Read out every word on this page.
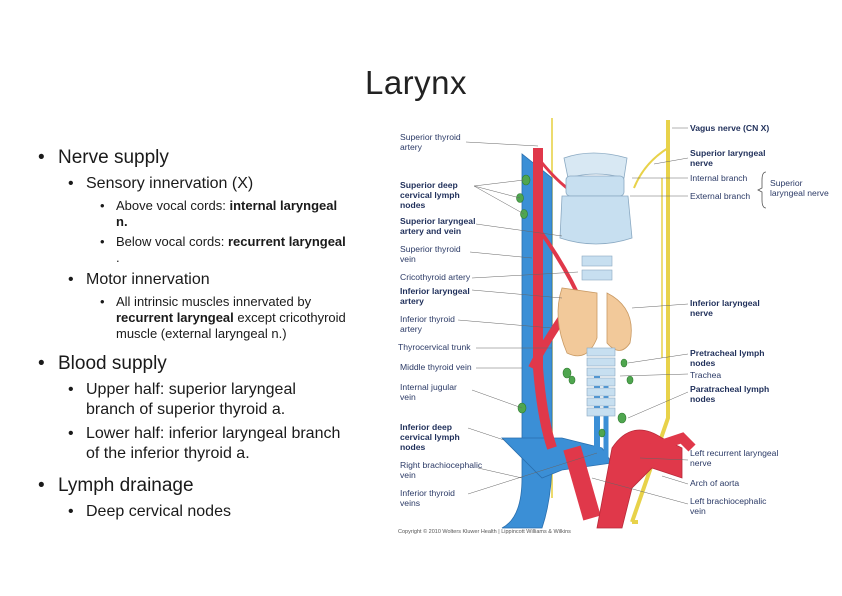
Larynx
• Nerve supply
• Sensory innervation (X)
• Above vocal cords: internal laryngeal n.
• Below vocal cords: recurrent laryngeal .
• Motor innervation
• All intrinsic muscles innervated by recurrent laryngeal except cricothyroid muscle (external laryngeal n.)
• Blood supply
• Upper half: superior laryngeal branch of superior thyroid a.
• Lower half: inferior laryngeal branch of the inferior thyroid a.
• Lymph drainage
• Deep cervical nodes
Superior thyroid artery
Superior deep cervical lymph nodes
Superior laryngeal artery and vein
Superior thyroid vein
Cricothyroid artery
Inferior laryngeal artery
Inferior thyroid artery
Thyrocervical trunk
Middle thyroid vein
Internal jugular vein
Inferior deep cervical lymph nodes
Right brachiocephalic vein
Inferior thyroid veins
Vagus nerve (CN X)
Superior laryngeal nerve
Internal branch
External branch
Superior laryngeal nerve
Inferior laryngeal nerve
Pretracheal lymph nodes
Trachea
Paratracheal lymph nodes
Left recurrent laryngeal nerve
Arch of aorta
Left brachiocephalic vein
Copyright © 2010 Wolters Kluwer Health | Lippincott Williams & Wilkins
